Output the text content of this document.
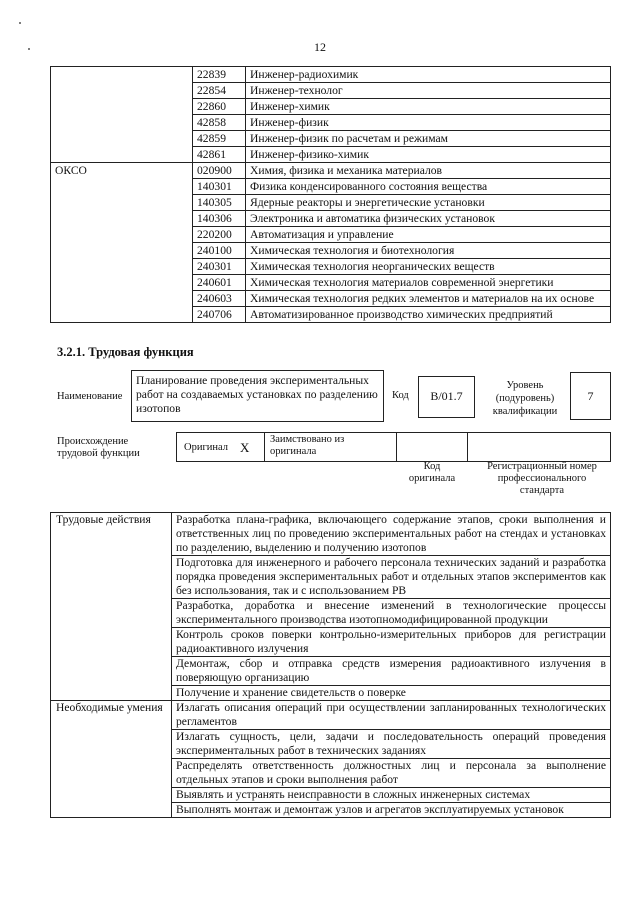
12
	22839	Инженер-радиохимик
	22854	Инженер-технолог
	22860	Инженер-химик
	42858	Инженер-физик
	42859	Инженер-физик по расчетам и режимам
	42861	Инженер-физико-химик
ОКСО	020900	Химия, физика и механика материалов
	140301	Физика конденсированного состояния вещества
	140305	Ядерные реакторы и энергетические установки
	140306	Электроника и автоматика физических установок
	220200	Автоматизация и управление
	240100	Химическая технология и биотехнология
	240301	Химическая технология неорганических веществ
	240601	Химическая технология материалов современной энергетики
	240603	Химическая технология редких элементов и материалов на их основе
	240706	Автоматизированное производство химических предприятий
3.2.1. Трудовая функция
Наименование
Планирование проведения экспериментальных работ на создаваемых установках по разделению изотопов
Код	В/01.7
Уровень (подуровень) квалификации
7
Происхождение трудовой функции
Оригинал Х
Заимствовано из оригинала
Код оригинала
Регистрационный номер профессионального стандарта
Трудовые действия	Разработка плана-графика, включающего содержание этапов, сроки выполнения и ответственных лиц по проведению экспериментальных работ на стендах и установках по разделению, выделению и получению изотопов
	Подготовка для инженерного и рабочего персонала технических заданий и разработка порядка проведения экспериментальных работ и отдельных этапов экспериментов как без использования, так и с использованием РВ
	Разработка, доработка и внесение изменений в технологические процессы экспериментального производства изотопномодифицированной продукции
	Контроль сроков поверки контрольно-измерительных приборов для регистрации радиоактивного излучения
	Демонтаж, сбор и отправка средств измерения радиоактивного излучения в поверяющую организацию
	Получение и хранение свидетельств о поверке
Необходимые умения	Излагать описания операций при осуществлении запланированных технологических регламентов
	Излагать сущность, цели, задачи и последовательность операций проведения экспериментальных работ в технических заданиях
	Распределять ответственность должностных лиц и персонала за выполнение отдельных этапов и сроки выполнения работ
	Выявлять и устранять неисправности в сложных инженерных системах
	Выполнять монтаж и демонтаж узлов и агрегатов эксплуатируемых установок
